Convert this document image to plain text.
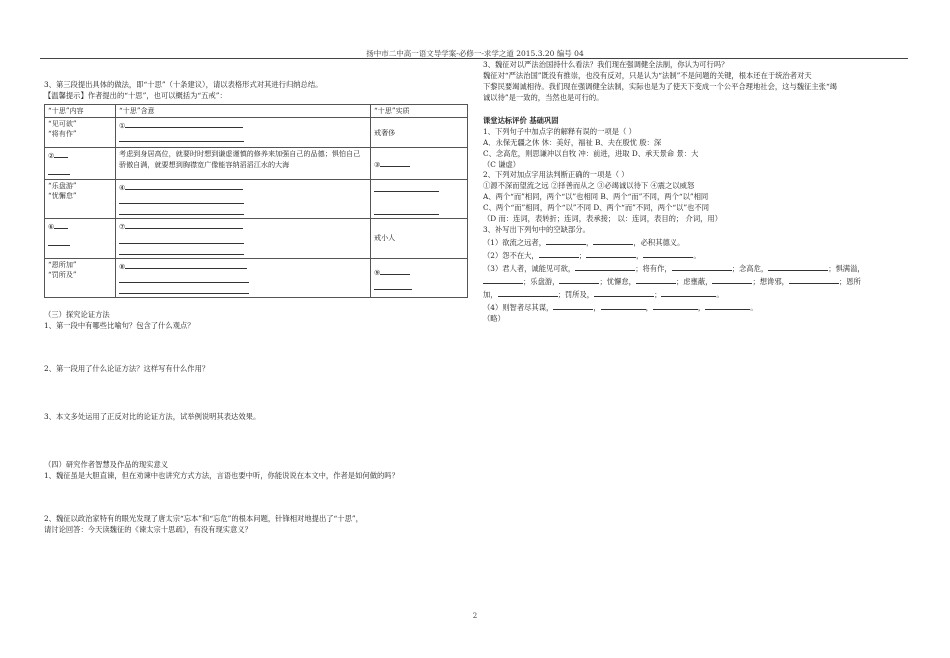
扬中市二中高一语文导学案-必修一-求学之道 2015.3.20 编号 04
3、第三段提出具体的做法，即“十思”（十条建议），请以表格形式对其进行归纳总结。
【温馨提示】作者提出的“十思”，也可以概括为“五戒”：
“十思”内容	“十思”含意	“十思”实质

“见可欲”
“将有作”	①	戒奢侈

②	考虑到身居高位，就要时时想到谦虚谨慎的修养来加强自己的品德；惧怕自己骄傲自满，就要想到胸襟宽广像能容纳滔滔江水的大海	③

“乐盘游”
“忧懈怠”	④	

⑥	⑦	戒小人

“恩所加”
“罚所及”	⑧	⑨
（三）探究论证方法
1、第一段中有哪些比喻句？包含了什么观点？
2、第一段用了什么论证方法？这样写有什么作用？
3、本文多处运用了正反对比的论证方法，试举例说明其表达效果。
（四）研究作者智慧及作品的现实意义
1、魏征虽是大胆直谏，但在劝谏中也讲究方式方法，言语也要中听，你能说说在本文中，作者是如何做的吗？
2、魏征以政治家特有的眼光发现了唐太宗“忘本”和“忘危”的根本问题，针锋相对地提出了“十思”，
请讨论回答：今天读魏征的《谏太宗十思疏》，有没有现实意义？
3、魏征对以严法治国持什么看法？我们现在强调健全法制，你认为可行吗？
魏征对“严法治国”既没有推崇，也没有反对，只是认为“法制”不是问题的关键，根本还在于统治者对天
下黎民要竭诚相待。我们现在强调健全法制，实际也是为了使天下变成一个公平合理地社会，这与魏征主张“竭
诚以待”是一致的，当然也是可行的。
课堂达标评价 基础巩固
1、下列句子中加点字的解释有误的一项是（ ）
A．永保无疆之休 休：美好，福祉 B、夫在殷忧 殷：深
C、念高危，则思谦冲以自牧 冲：前进，进取 D、承天景命 景：大
（C 谦虚）
2、下列对加点字用法判断正确的一项是（ ）
①源不深而望流之远 ②择善而从之 ③必竭诚以待下 ④震之以威怒
A、两个“而”相同，两个“以”也相同 B、两个“而”不同，两个“以”相同
C、两个“而”相同，两个“以”不同 D、两个“而”不同，两个“以”也不同
（D 而：连词，表转折；连词，表承接； 以：连词，表目的； 介词，用）
3、补写出下列句中的空缺部分。
（1）欲流之远者，	，	，必积其德义。
（2）怨不在大，	；	，	。
（3）君人者，诚能见可欲，	；将有作，	；念高危，	；惧满溢，
；乐盘游，	；忧懈怠，	；虑壅蔽，	；想谗邪，	；恩所
加，	；罚所及，	；	。
（4）则智者尽其谋，	，	，	，	。
（略）
2
